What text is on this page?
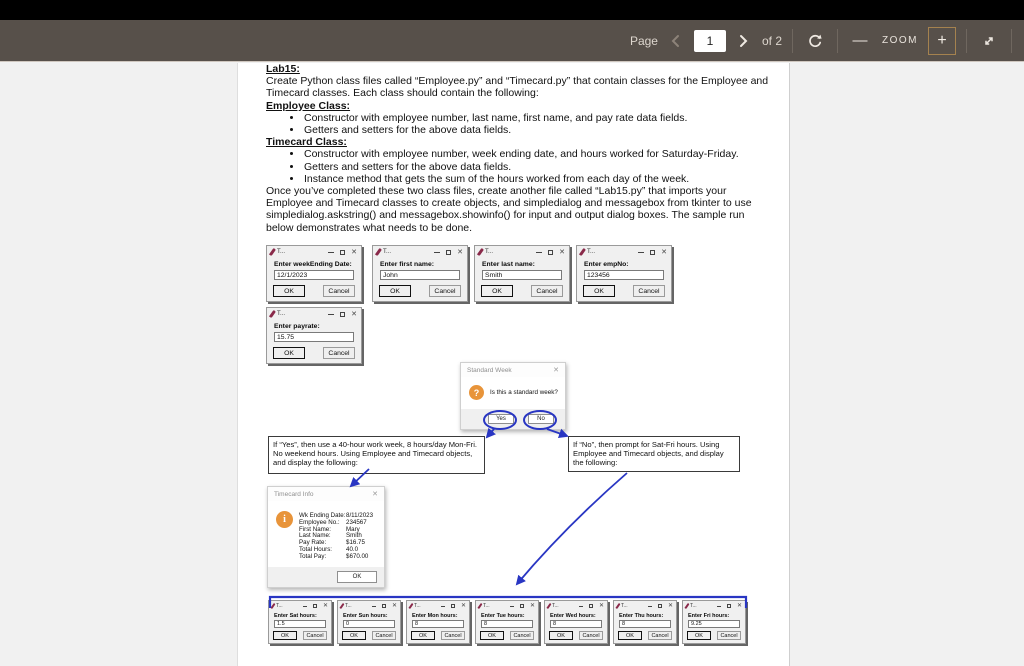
Page	1	of 2	—	ZOOM	+
Lab15:
Create Python class files called “Employee.py” and “Timecard.py” that contain classes for the Employee and Timecard classes. Each class should contain the following:
Employee Class:
• Constructor with employee number, last name, first name, and pay rate data fields.
• Getters and setters for the above data fields.
Timecard Class:
• Constructor with employee number, week ending date, and hours worked for Saturday-Friday.
• Getters and setters for the above data fields.
• Instance method that gets the sum of the hours worked from each day of the week.
Once you’ve completed these two class files, create another file called “Lab15.py” that imports your Employee and Timecard classes to create objects, and simpledialog and messagebox from tkinter to use simpledialog.askstring() and messagebox.showinfo() for input and output dialog boxes. The sample run below demonstrates what needs to be done.
T...	✕
Enter weekEnding Date:
12/1/2023
OK	Cancel
T...	✕
Enter first name:
John
OK	Cancel
T...	✕
Enter last name:
Smith
OK	Cancel
T...	✕
Enter empNo:
123456
OK	Cancel
T...	✕
Enter payrate:
15.75
OK	Cancel
Standard Week	✕
?	Is this a standard week?
Yes	No
If “Yes”, then use a 40-hour work week, 8 hours/day Mon-Fri. No weekend hours. Using Employee and Timecard objects, and display the following:
If “No”, then prompt for Sat-Fri hours. Using Employee and Timecard objects, and display the following:
Timecard Info	✕
i	Wk Ending Date: 8/11/2023
Employee No.:	234567
First Name:	Mary
Last Name:	Smith
Pay Rate:	$16.75
Total Hours:	40.0
Total Pay:	$670.00
OK
T...	✕
Enter Sat hours:
1.5
OK	Cancel
T...	✕
Enter Sun hours:
0
OK	Cancel
T...	✕
Enter Mon hours:
8
OK	Cancel
T...	✕
Enter Tue hours:
8
OK	Cancel
T...	✕
Enter Wed hours:
8
OK	Cancel
T...	✕
Enter Thu hours:
8
OK	Cancel
T...	✕
Enter Fri hours:
9.25
OK	Cancel
